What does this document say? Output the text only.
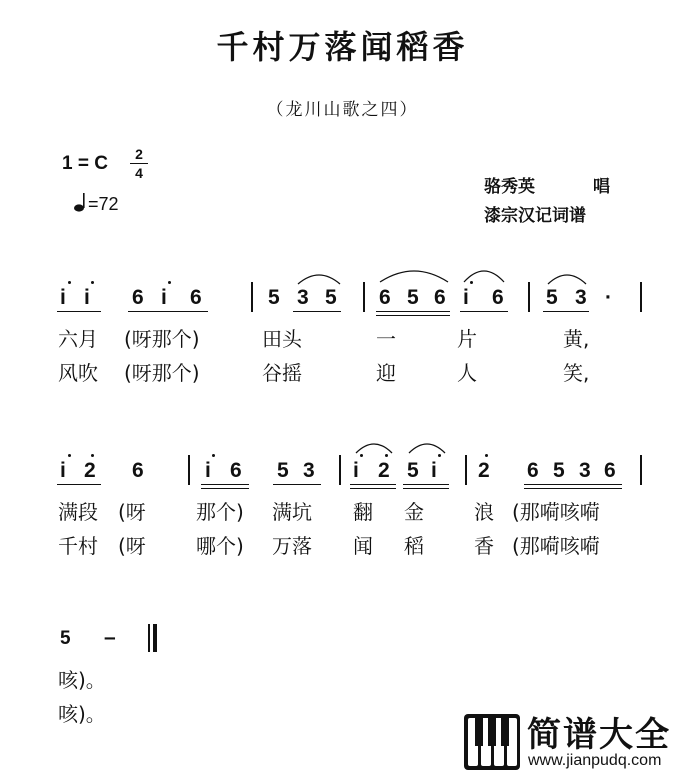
千村万落闻稻香
（龙川山歌之四）
1 = C	2
4
=72
骆秀英	唱
漆宗汉记词谱
i i 6 i 6	5 3 5 6 5 6 i 6 5 3 ·
六月 (呀那个)	田头	一	片	黄,
风吹 (呀那个)	谷摇	迎	人	笑,
i 2 6	i 6 5 3 i 2 5 i 2 6 5 3 6
满段 (呀	那个) 满坑 翻 金	浪 (那嗬咳嗬
千村 (呀	哪个) 万落 闻 稻	香 (那嗬咳嗬
5 –
咳)。
咳)。
简谱大全
www.jianpudq.com
